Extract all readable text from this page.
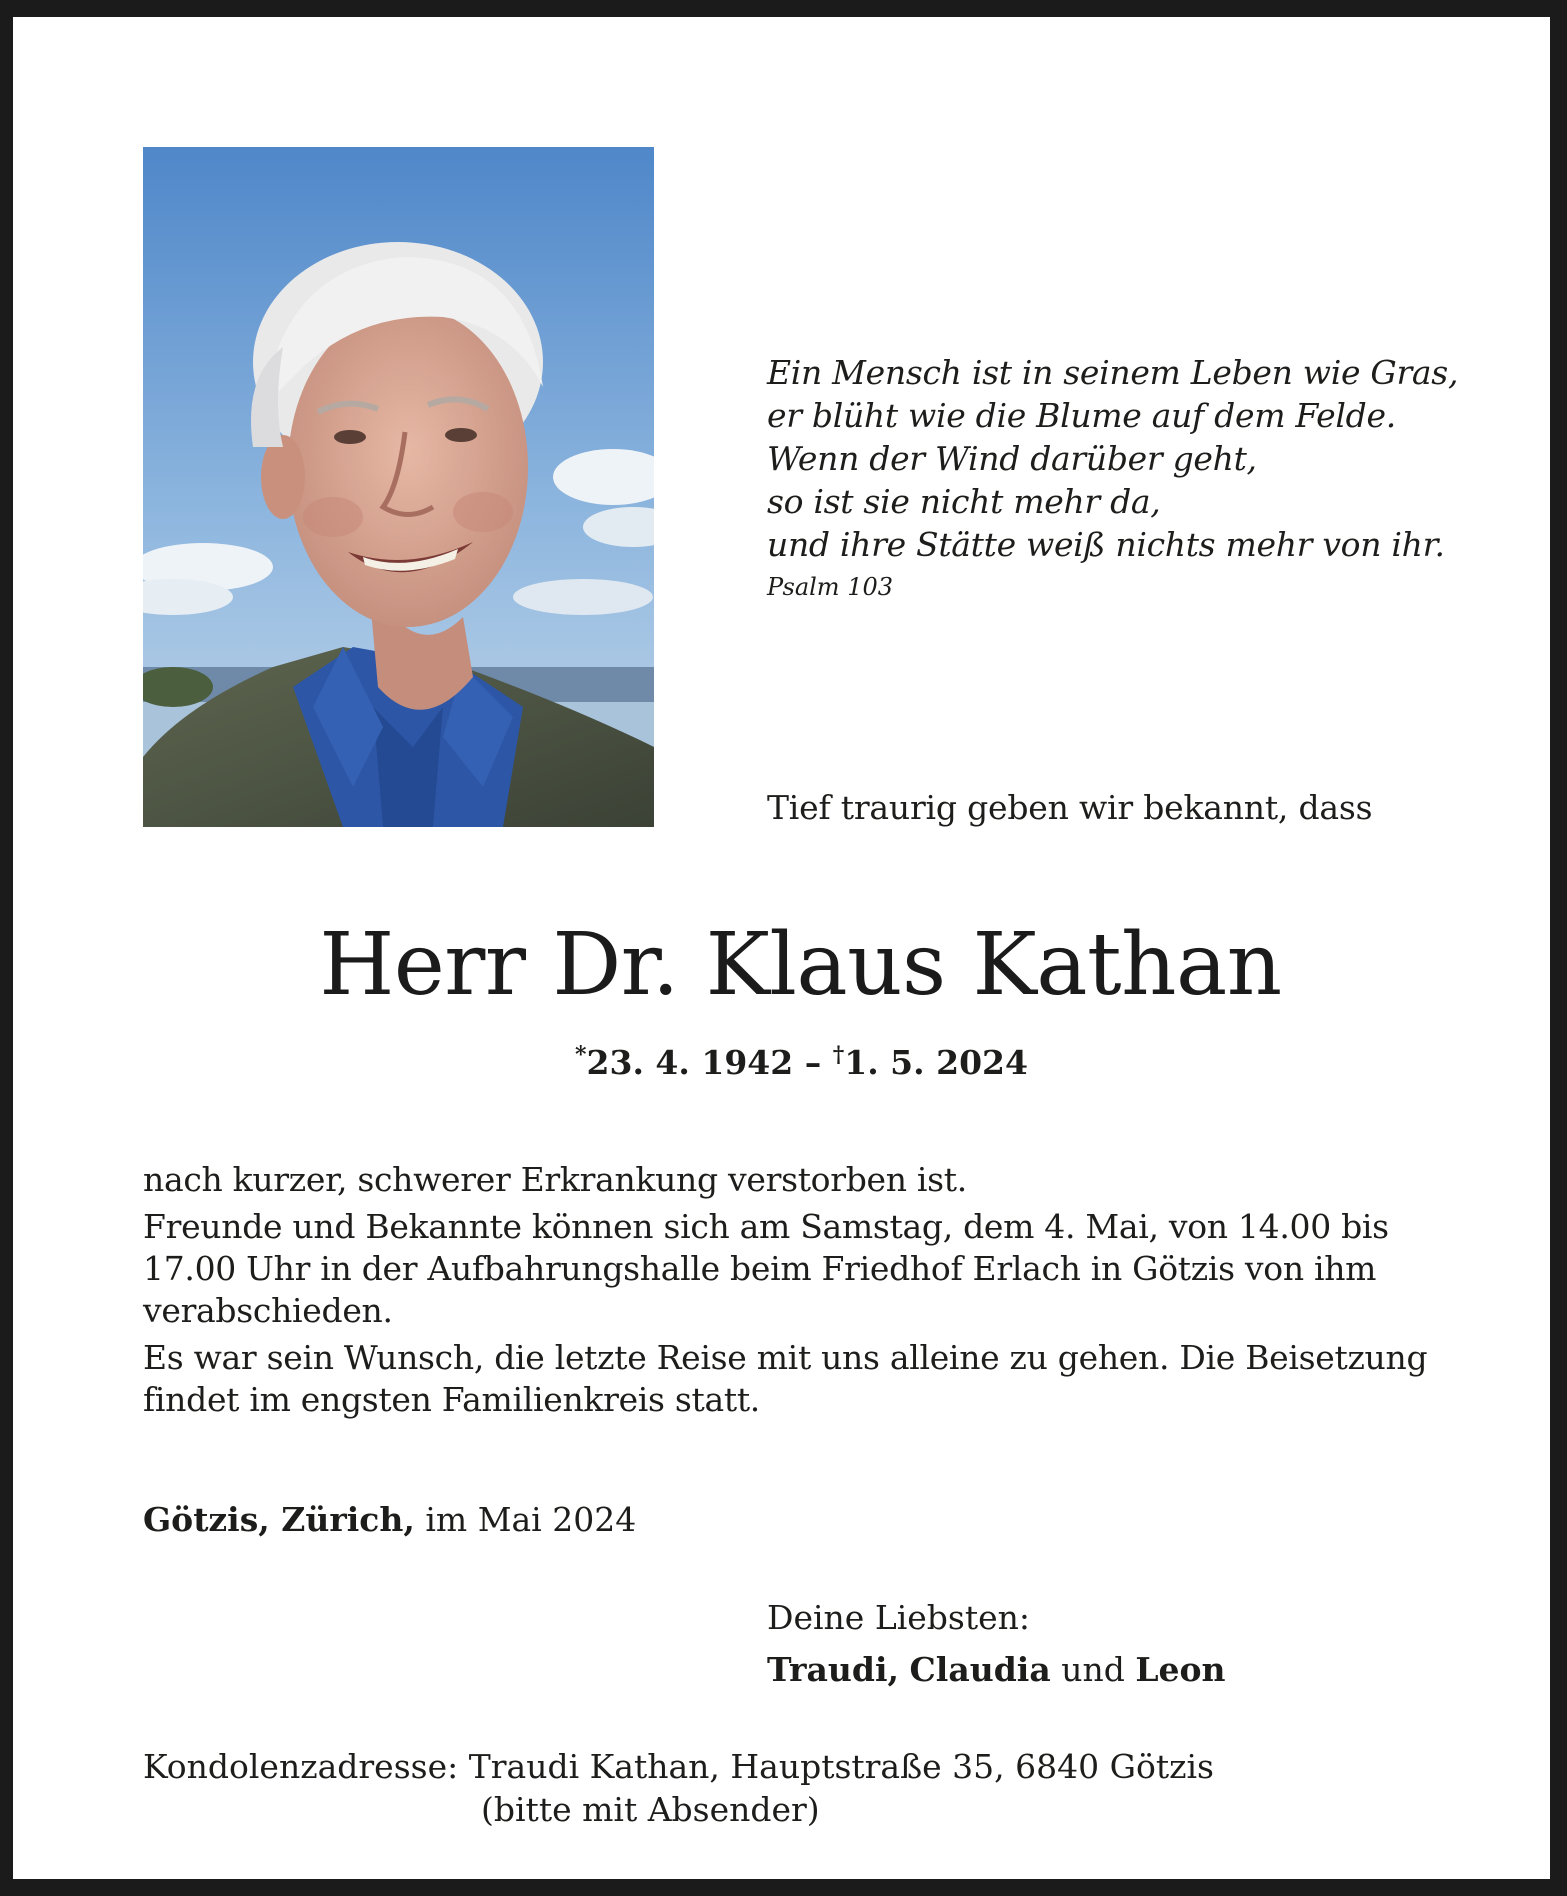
Ein Mensch ist in seinem Leben wie Gras,
er blüht wie die Blume auf dem Felde.
Wenn der Wind darüber geht,
so ist sie nicht mehr da,
und ihre Stätte weiß nichts mehr von ihr.
Psalm 103
Tief traurig geben wir bekannt, dass
Herr Dr. Klaus Kathan
*23. 4. 1942 – †1. 5. 2024

nach kurzer, schwerer Erkrankung verstorben ist.

Freunde und Bekannte können sich am Samstag, dem 4. Mai, von 14.00 bis
17.00 Uhr in der Aufbahrungshalle beim Friedhof Erlach in Götzis von ihm
verabschieden.

Es war sein Wunsch, die letzte Reise mit uns alleine zu gehen. Die Beisetzung
findet im engsten Familienkreis statt.

Götzis, Zürich, im Mai 2024
Deine Liebsten:
Traudi, Claudia und Leon
Kondolenzadresse: Traudi Kathan, Hauptstraße 35, 6840 Götzis
(bitte mit Absender)
